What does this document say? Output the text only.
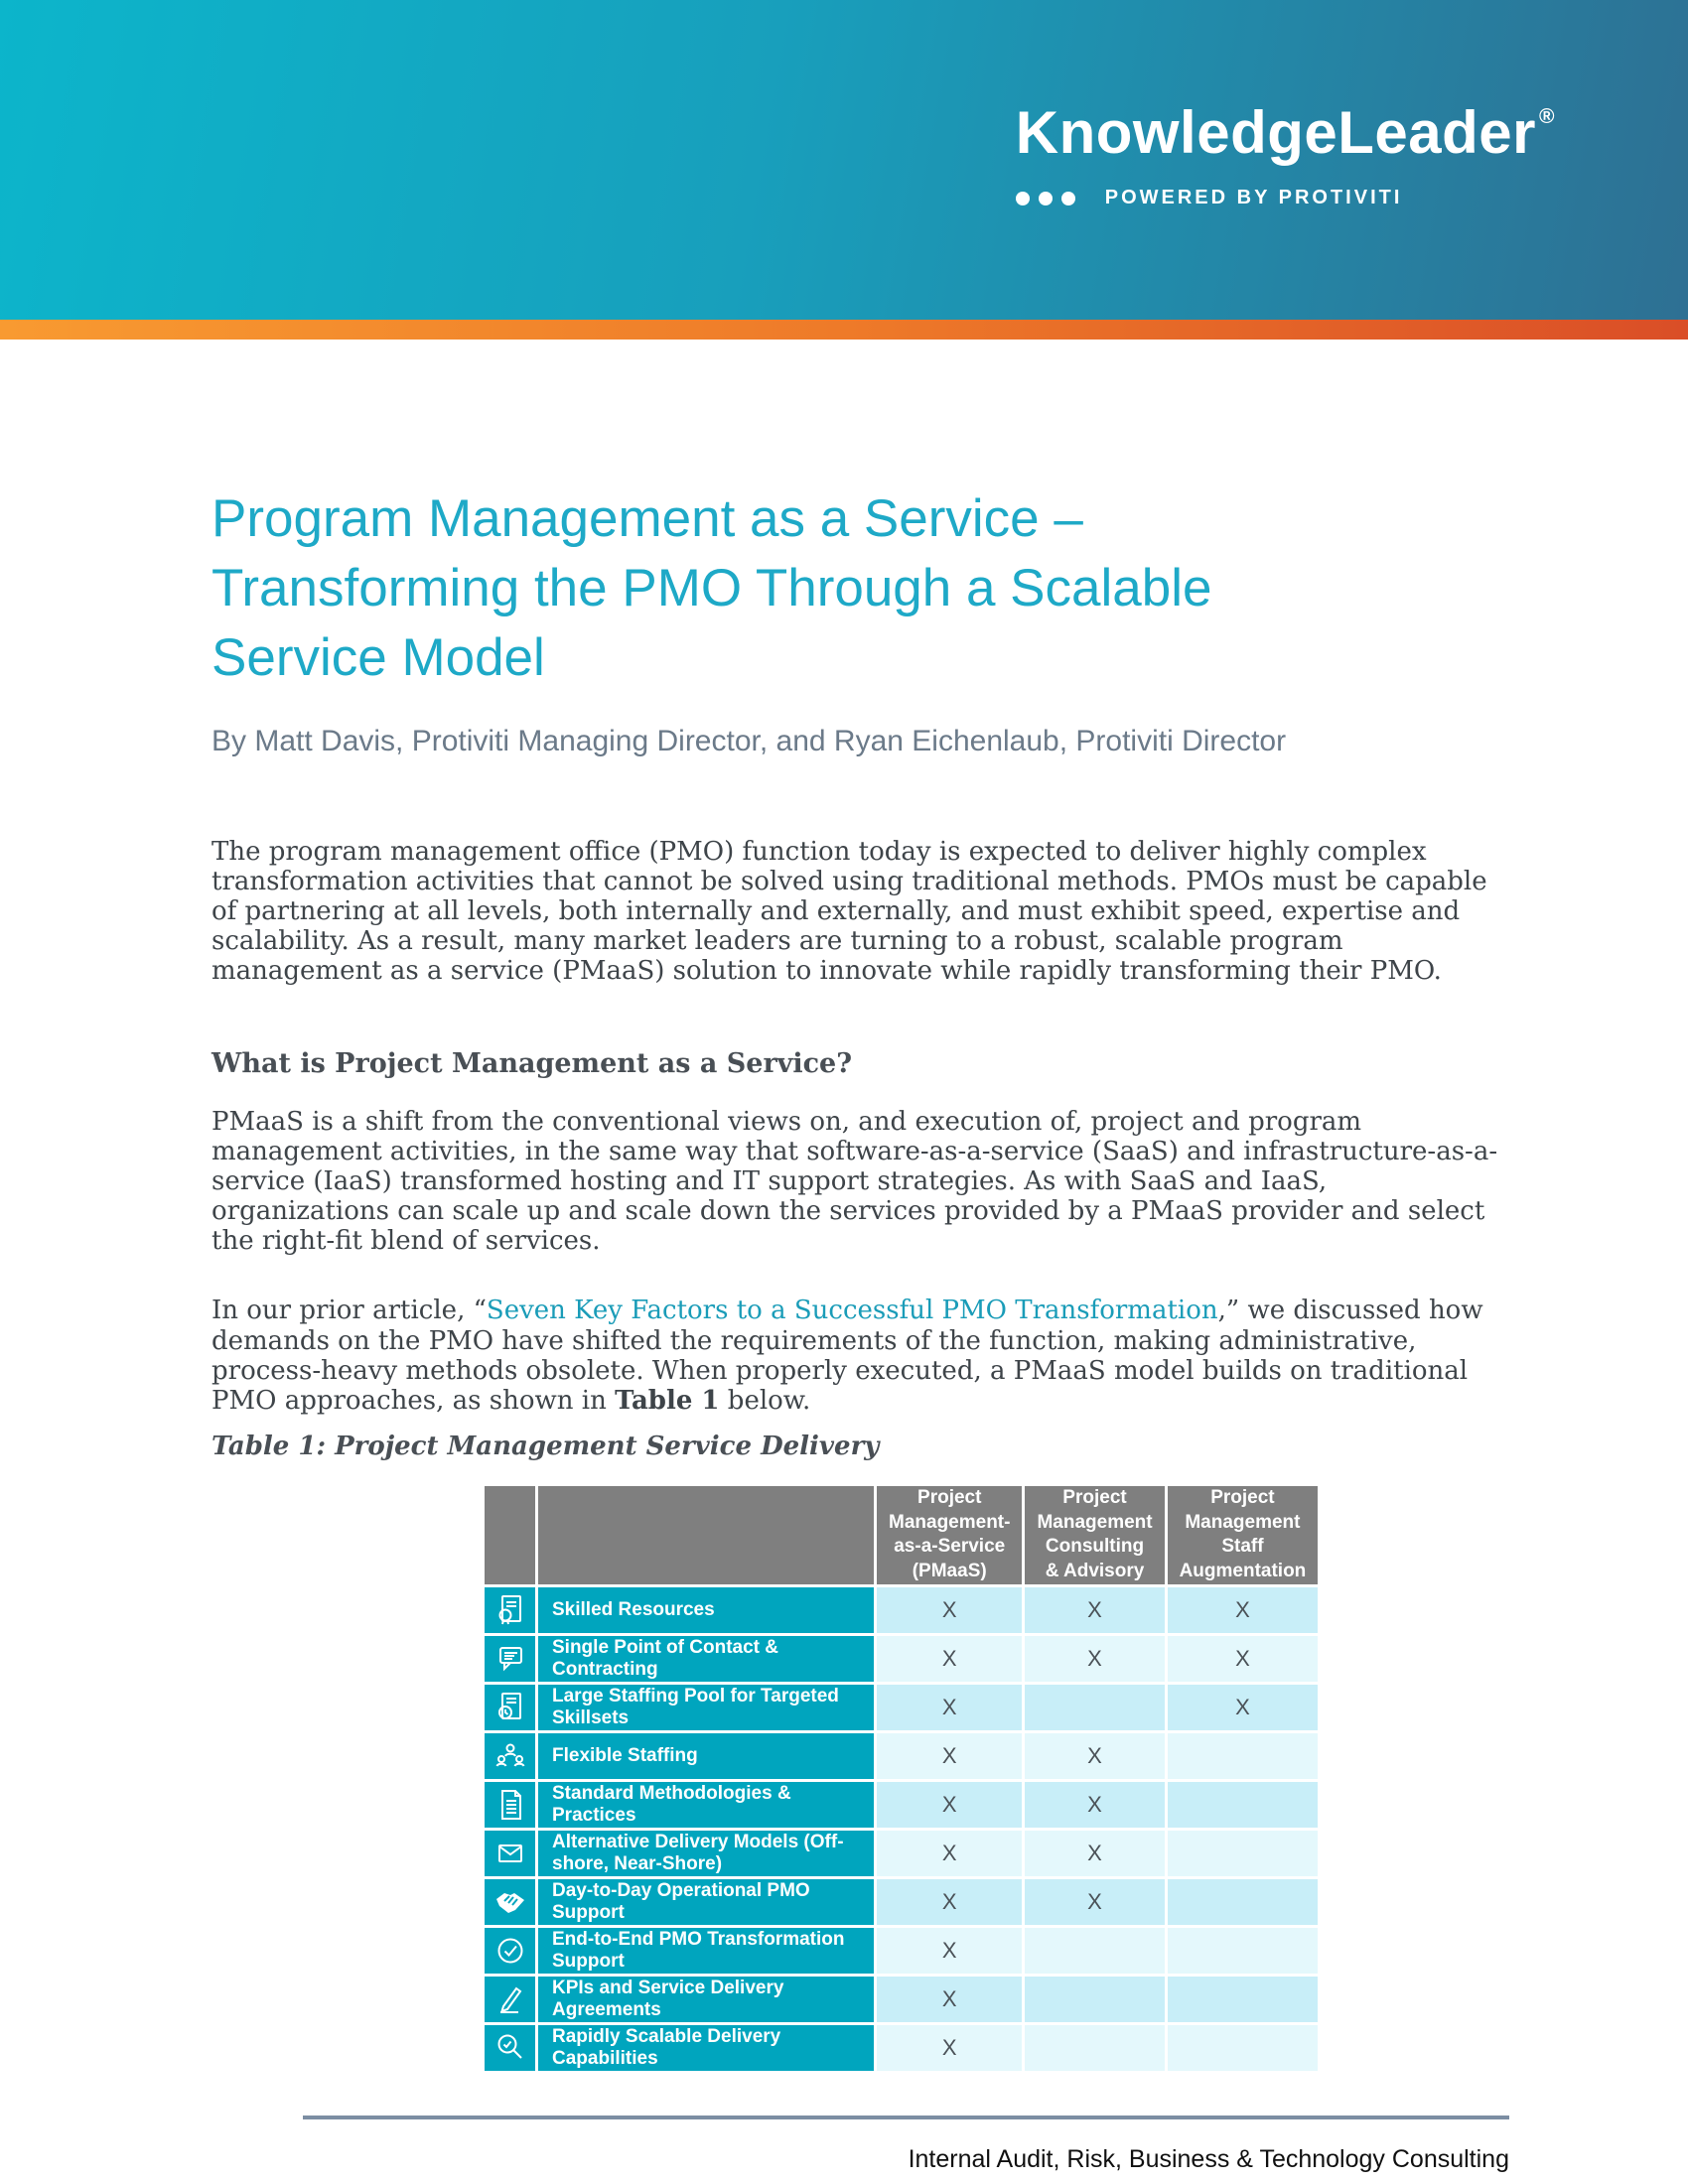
KnowledgeLeader ®
POWERED BY PROTIVITI
Program Management as a Service – Transforming the PMO Through a Scalable Service Model

By Matt Davis, Protiviti Managing Director, and Ryan Eichenlaub, Protiviti Director

The program management office (PMO) function today is expected to deliver highly complex transformation activities that cannot be solved using traditional methods. PMOs must be capable of partnering at all levels, both internally and externally, and must exhibit speed, expertise and scalability. As a result, many market leaders are turning to a robust, scalable program management as a service (PMaaS) solution to innovate while rapidly transforming their PMO.

What is Project Management as a Service?

PMaaS is a shift from the conventional views on, and execution of, project and program management activities, in the same way that software-as-a-service (SaaS) and infrastructure-as-a-service (IaaS) transformed hosting and IT support strategies. As with SaaS and IaaS, organizations can scale up and scale down the services provided by a PMaaS provider and select the right-fit blend of services.

In our prior article, “Seven Key Factors to a Successful PMO Transformation,” we discussed how demands on the PMO have shifted the requirements of the function, making administrative, process-heavy methods obsolete. When properly executed, a PMaaS model builds on traditional PMO approaches, as shown in Table 1 below.

Table 1: Project Management Service Delivery

		Project Management-as-a-Service (PMaaS)	Project Management Consulting & Advisory	Project Management Staff Augmentation

	Skilled Resources	X	X	X

	Single Point of Contact & Contracting	X	X	X

	Large Staffing Pool for Targeted Skillsets	X		X

	Flexible Staffing	X	X	

	Standard Methodologies & Practices	X	X	

	Alternative Delivery Models (Off-shore, Near-Shore)	X	X	

	Day-to-Day Operational PMO Support	X	X	

	End-to-End PMO Transformation Support	X		

	KPIs and Service Delivery Agreements	X		

	Rapidly Scalable Delivery Capabilities	X		
Internal Audit, Risk, Business & Technology Consulting
